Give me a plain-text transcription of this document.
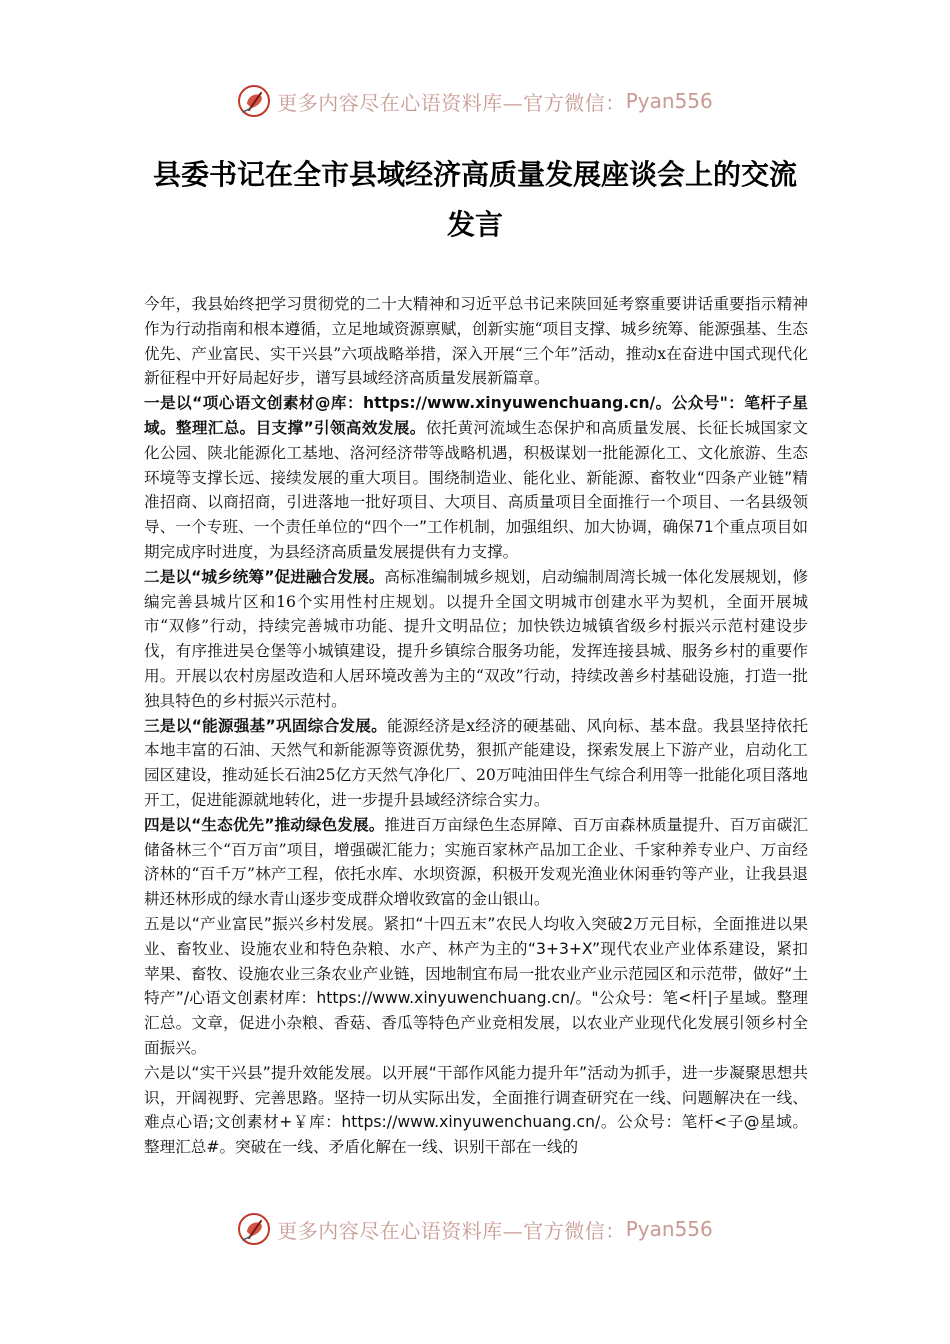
更多内容尽在心语资料库—官方微信： Pyan556
县委书记在全市县域经济高质量发展座谈会上的交流
发言

今年，我县始终把学习贯彻党的二十大精神和习近平总书记来陕回延考察重要讲话重要指示精神作为行动指南和根本遵循，立足地域资源禀赋，创新实施“项目支撑、城乡统筹、能源强基、生态优先、产业富民、实干兴县”六项战略举措，深入开展“三个年”活动，推动x在奋进中国式现代化新征程中开好局起好步，谱写县域经济高质量发展新篇章。

一是以“项心语文创素材@库：https://www.xinyuwenchuang.cn/。公众号"：笔杆子星域。整理汇总。目支撑”引领高效发展。依托黄河流域生态保护和高质量发展、长征长城国家文化公园、陕北能源化工基地、洛河经济带等战略机遇，积极谋划一批能源化工、文化旅游、生态环境等支撑长远、接续发展的重大项目。围绕制造业、能化业、新能源、畜牧业“四条产业链”精准招商、以商招商，引进落地一批好项目、大项目、高质量项目全面推行一个项目、一名县级领导、一个专班、一个责任单位的“四个一”工作机制，加强组织、加大协调，确保71个重点项目如期完成序时进度，为县经济高质量发展提供有力支撑。

二是以“城乡统筹”促进融合发展。高标准编制城乡规划，启动编制周湾长城一体化发展规划，修编完善县城片区和16个实用性村庄规划。以提升全国文明城市创建水平为契机，全面开展城市“双修”行动，持续完善城市功能、提升文明品位；加快铁边城镇省级乡村振兴示范村建设步伐，有序推进吴仓堡等小城镇建设，提升乡镇综合服务功能，发挥连接县城、服务乡村的重要作用。开展以农村房屋改造和人居环境改善为主的“双改”行动，持续改善乡村基础设施，打造一批独具特色的乡村振兴示范村。

三是以“能源强基”巩固综合发展。能源经济是x经济的硬基础、风向标、基本盘。我县坚持依托本地丰富的石油、天然气和新能源等资源优势，狠抓产能建设，探索发展上下游产业，启动化工园区建设，推动延长石油25亿方天然气净化厂、20万吨油田伴生气综合利用等一批能化项目落地开工，促进能源就地转化，进一步提升县域经济综合实力。

四是以“生态优先”推动绿色发展。推进百万亩绿色生态屏障、百万亩森林质量提升、百万亩碳汇储备林三个“百万亩”项目，增强碳汇能力；实施百家林产品加工企业、千家种养专业户、万亩经济林的“百千万”林产工程，依托水库、水坝资源，积极开发观光渔业休闲垂钓等产业，让我县退耕还林形成的绿水青山逐步变成群众增收致富的金山银山。

五是以“产业富民”振兴乡村发展。紧扣“十四五末”农民人均收入突破2万元目标，全面推进以果业、畜牧业、设施农业和特色杂粮、水产、林产为主的“3+3+X”现代农业产业体系建设，紧扣苹果、畜牧、设施农业三条农业产业链，因地制宜布局一批农业产业示范园区和示范带，做好“土特产”/心语文创素材库：https://www.xinyuwenchuang.cn/。"公众号：笔<杆|子星域。整理汇总。文章，促进小杂粮、香菇、香瓜等特色产业竞相发展，以农业产业现代化发展引领乡村全面振兴。

六是以“实干兴县”提升效能发展。以开展“干部作风能力提升年”活动为抓手，进一步凝聚思想共识，开阔视野、完善思路。坚持一切从实际出发，全面推行调查研究在一线、问题解决在一线、难点心语;文创素材+￥库：https://www.xinyuwenchuang.cn/。公众号：笔杆<子@星域。整理汇总#。突破在一线、矛盾化解在一线、识别干部在一线的

更多内容尽在心语资料库—官方微信： Pyan556
